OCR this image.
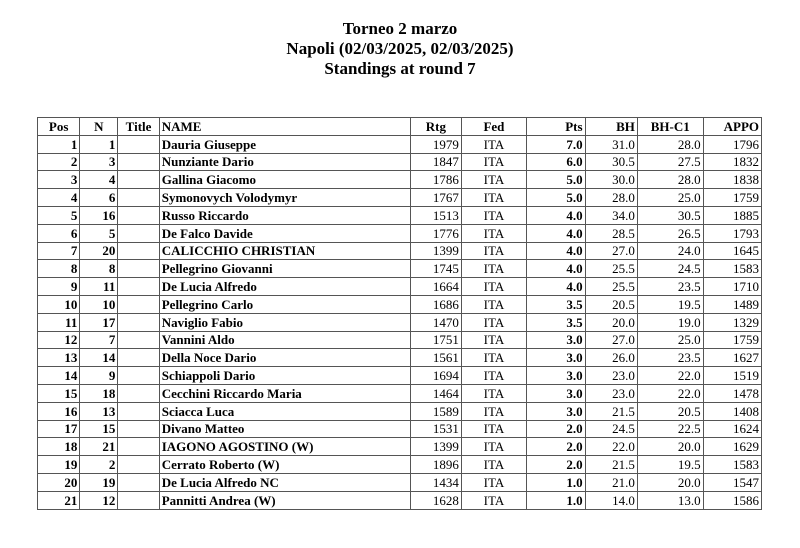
Torneo 2 marzo
Napoli (02/03/2025, 02/03/2025)
Standings at round 7
Pos	N	Title	NAME	Rtg	Fed	Pts	BH	BH-C1	APPO
1	1		Dauria Giuseppe	1979	ITA	7.0	31.0	28.0	1796
2	3		Nunziante Dario	1847	ITA	6.0	30.5	27.5	1832
3	4		Gallina Giacomo	1786	ITA	5.0	30.0	28.0	1838
4	6		Symonovych Volodymyr	1767	ITA	5.0	28.0	25.0	1759
5	16		Russo Riccardo	1513	ITA	4.0	34.0	30.5	1885
6	5		De Falco Davide	1776	ITA	4.0	28.5	26.5	1793
7	20		CALICCHIO CHRISTIAN	1399	ITA	4.0	27.0	24.0	1645
8	8		Pellegrino Giovanni	1745	ITA	4.0	25.5	24.5	1583
9	11		De Lucia Alfredo	1664	ITA	4.0	25.5	23.5	1710
10	10		Pellegrino Carlo	1686	ITA	3.5	20.5	19.5	1489
11	17		Naviglio Fabio	1470	ITA	3.5	20.0	19.0	1329
12	7		Vannini Aldo	1751	ITA	3.0	27.0	25.0	1759
13	14		Della Noce Dario	1561	ITA	3.0	26.0	23.5	1627
14	9		Schiappoli Dario	1694	ITA	3.0	23.0	22.0	1519
15	18		Cecchini Riccardo Maria	1464	ITA	3.0	23.0	22.0	1478
16	13		Sciacca Luca	1589	ITA	3.0	21.5	20.5	1408
17	15		Divano Matteo	1531	ITA	2.0	24.5	22.5	1624
18	21		IAGONO AGOSTINO (W)	1399	ITA	2.0	22.0	20.0	1629
19	2		Cerrato Roberto (W)	1896	ITA	2.0	21.5	19.5	1583
20	19		De Lucia Alfredo NC	1434	ITA	1.0	21.0	20.0	1547
21	12		Pannitti Andrea (W)	1628	ITA	1.0	14.0	13.0	1586
